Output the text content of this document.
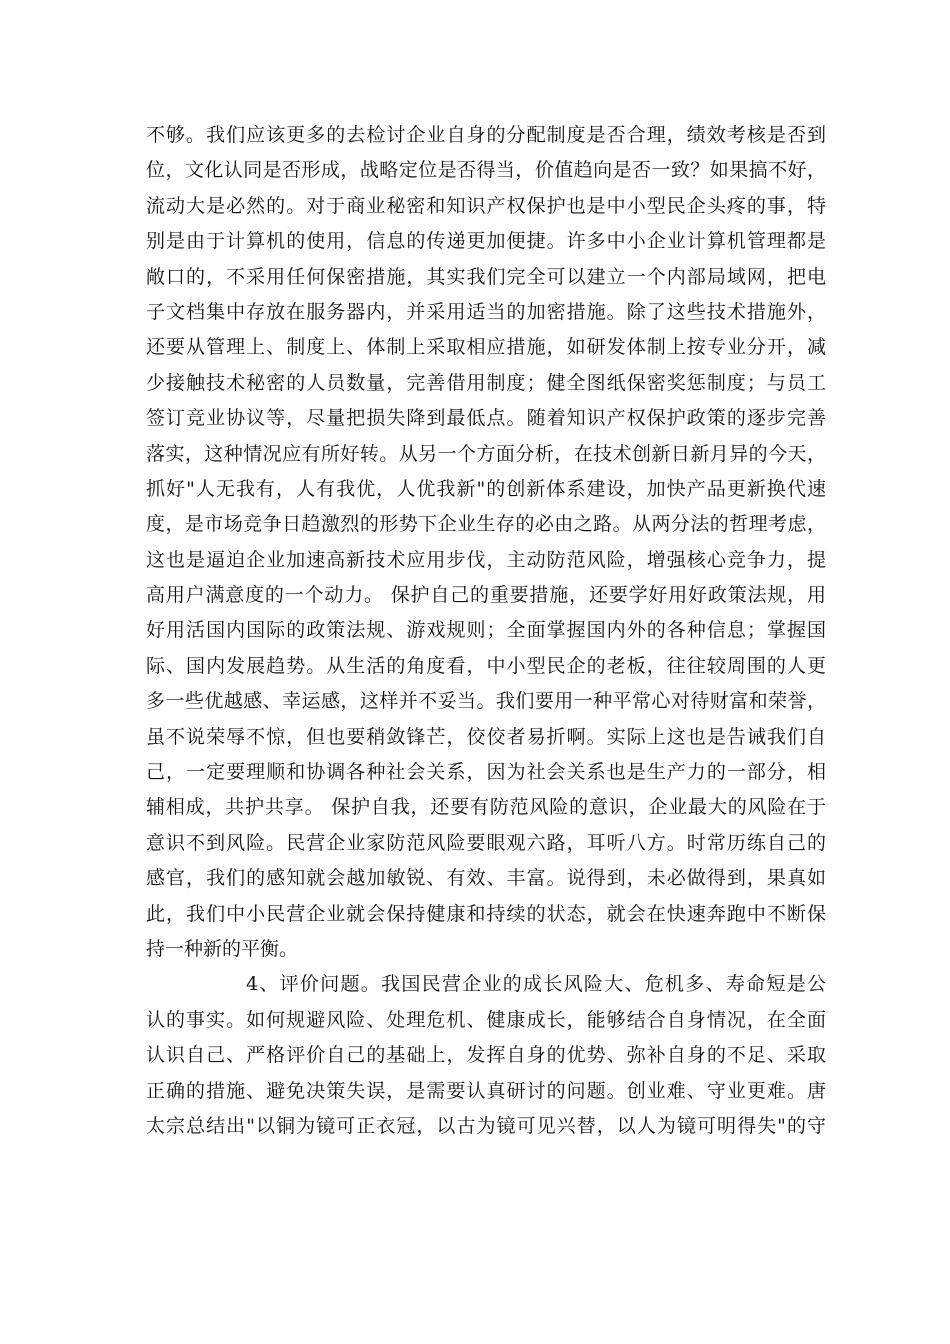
不够。我们应该更多的去检讨企业自身的分配制度是否合理，绩效考核是否到
位，文化认同是否形成，战略定位是否得当，价值趋向是否一致？如果搞不好，
流动大是必然的。对于商业秘密和知识产权保护也是中小型民企头疼的事，特
别是由于计算机的使用，信息的传递更加便捷。许多中小企业计算机管理都是
敞口的，不采用任何保密措施，其实我们完全可以建立一个内部局域网，把电
子文档集中存放在服务器内，并采用适当的加密措施。除了这些技术措施外，
还要从管理上、制度上、体制上采取相应措施，如研发体制上按专业分开，减
少接触技术秘密的人员数量，完善借用制度；健全图纸保密奖惩制度；与员工
签订竞业协议等，尽量把损失降到最低点。随着知识产权保护政策的逐步完善
落实，这种情况应有所好转。从另一个方面分析，在技术创新日新月异的今天，
抓好"人无我有，人有我优，人优我新"的创新体系建设，加快产品更新换代速
度，是市场竞争日趋激烈的形势下企业生存的必由之路。从两分法的哲理考虑，
这也是逼迫企业加速高新技术应用步伐，主动防范风险，增强核心竞争力，提
高用户满意度的一个动力。 保护自己的重要措施，还要学好用好政策法规，用
好用活国内国际的政策法规、游戏规则；全面掌握国内外的各种信息；掌握国
际、国内发展趋势。从生活的角度看，中小型民企的老板，往往较周围的人更
多一些优越感、幸运感，这样并不妥当。我们要用一种平常心对待财富和荣誉，
虽不说荣辱不惊，但也要稍敛锋芒，佼佼者易折啊。实际上这也是告诫我们自
己，一定要理顺和协调各种社会关系，因为社会关系也是生产力的一部分，相
辅相成，共护共享。 保护自我，还要有防范风险的意识，企业最大的风险在于
意识不到风险。民营企业家防范风险要眼观六路，耳听八方。时常历练自己的
感官，我们的感知就会越加敏锐、有效、丰富。说得到，未必做得到，果真如
此，我们中小民营企业就会保持健康和持续的状态，就会在快速奔跑中不断保
持一种新的平衡。
4、评价问题。我国民营企业的成长风险大、危机多、寿命短是公
认的事实。如何规避风险、处理危机、健康成长，能够结合自身情况，在全面
认识自己、严格评价自己的基础上，发挥自身的优势、弥补自身的不足、采取
正确的措施、避免决策失误，是需要认真研讨的问题。创业难、守业更难。唐
太宗总结出"以铜为镜可正衣冠，以古为镜可见兴替，以人为镜可明得失"的守
